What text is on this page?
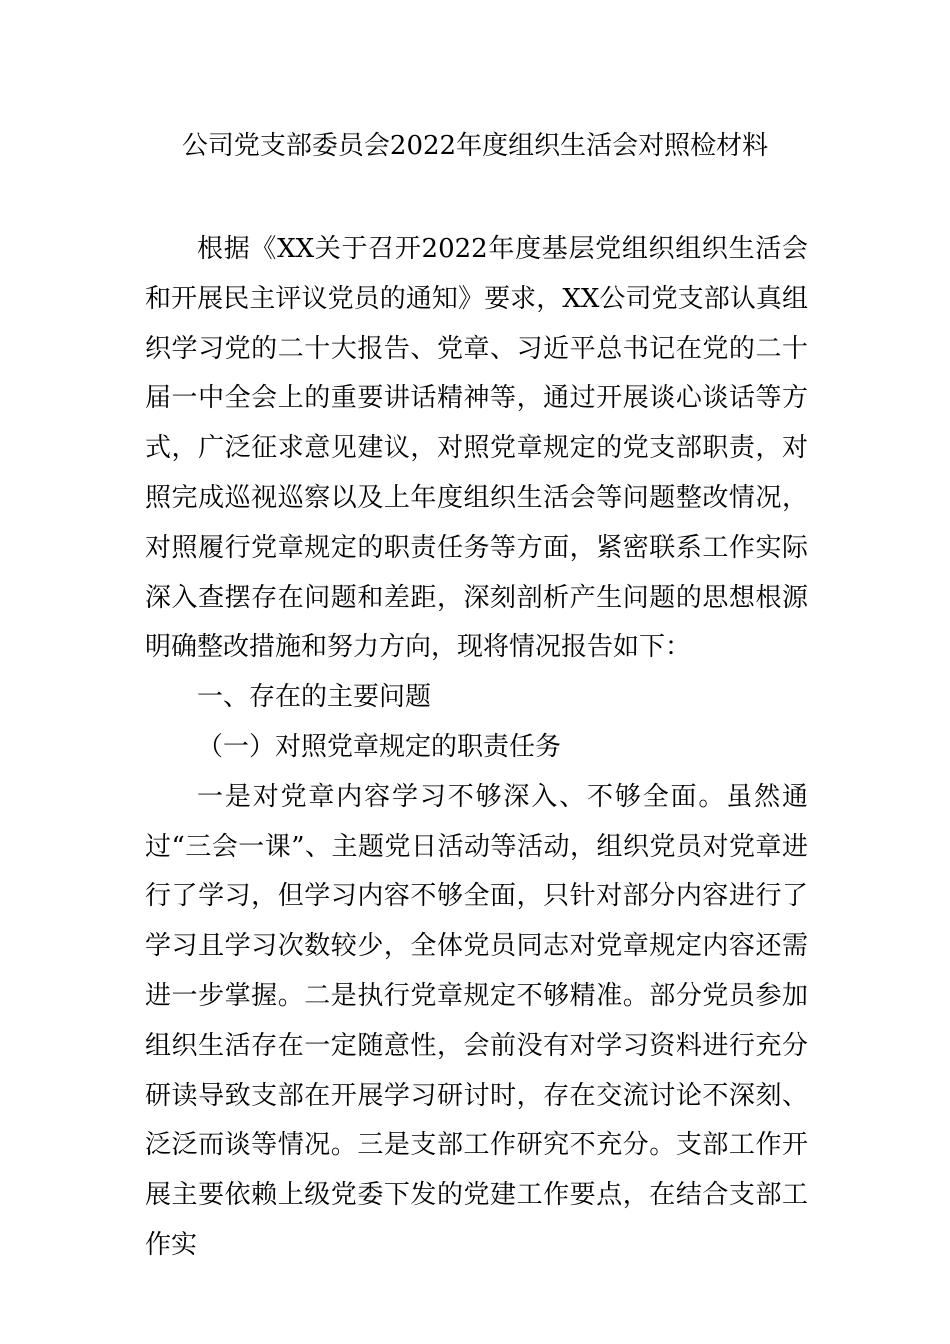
公司党支部委员会2022年度组织生活会对照检材料

根据《XX关于召开2022年度基层党组织组织生活会和开展民主评议党员的通知》要求，XX公司党支部认真组织学习党的二十大报告、党章、习近平总书记在党的二十届一中全会上的重要讲话精神等，通过开展谈心谈话等方式，广泛征求意见建议，对照党章规定的党支部职责，对照完成巡视巡察以及上年度组织生活会等问题整改情况，对照履行党章规定的职责任务等方面，紧密联系工作实际深入查摆存在问题和差距，深刻剖析产生问题的思想根源明确整改措施和努力方向，现将情况报告如下：

一、存在的主要问题

（一）对照党章规定的职责任务

一是对党章内容学习不够深入、不够全面。虽然通过“三会一课”、主题党日活动等活动，组织党员对党章进行了学习，但学习内容不够全面，只针对部分内容进行了学习且学习次数较少，全体党员同志对党章规定内容还需进一步掌握。二是执行党章规定不够精准。部分党员参加组织生活存在一定随意性，会前没有对学习资料进行充分研读导致支部在开展学习研讨时，存在交流讨论不深刻、泛泛而谈等情况。三是支部工作研究不充分。支部工作开展主要依赖上级党委下发的党建工作要点，在结合支部工作实
